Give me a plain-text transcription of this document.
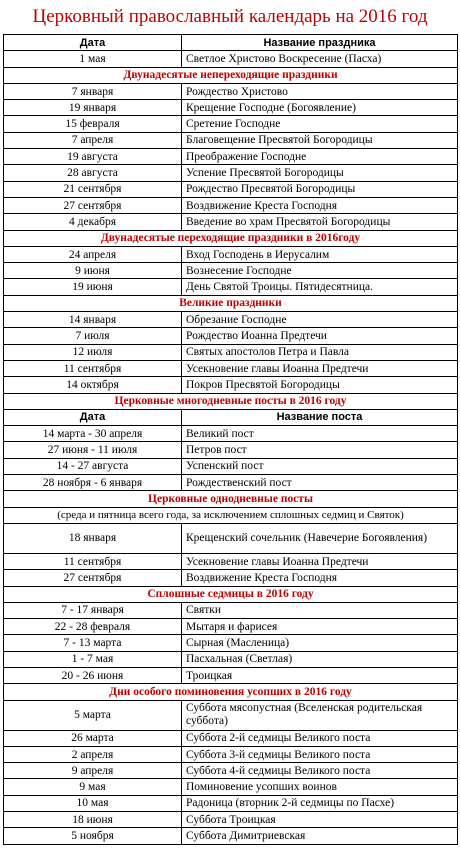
Церковный православный календарь на 2016 год
Дата	Название праздника
1 мая	Светлое Христово Воскресение (Пасха)
Двунадесятые непереходящие праздники	
7 января	Рождество Христово
19 января	Крещение Господне (Богоявление)
15 февраля	Сретение Господне
7 апреля	Благовещение Пресвятой Богородицы
19 августа	Преображение Господне
28 августа	Успение Пресвятой Богородицы
21 сентября	Рождество Пресвятой Богородицы
27 сентября	Воздвижение Креста Господня
4 декабря	Введение во храм Пресвятой Богородицы
Двунадесятые переходящие праздники в 2016году	
24 апреля	Вход Господень в Иерусалим
9 июня	Вознесение Господне
19 июня	День Святой Троицы. Пятидесятница.
Великие праздники	
14 января	Обрезание Господне
7 июля	Рождество Иоанна Предтечи
12 июля	Святых апостолов Петра и Павла
11 сентября	Усекновение главы Иоанна Предтечи
14 октября	Покров Пресвятой Богородицы
Церковные многодневные посты в 2016 году	
Дата	Название поста
14 марта - 30 апреля	Великий пост
27 июня - 11 июля	Петров пост
14 - 27 августа	Успенский пост
28 ноября - 6 января	Рождественский пост
Церковные однодневные посты	
(среда и пятница всего года, за исключением сплошных седмиц и Святок)	
18 января	Крещенский сочельник (Навечерие Богоявления)
11 сентября	Усекновение главы Иоанна Предтечи
27 сентября	Воздвижение Креста Господня
Сплошные седмицы в 2016 году	
7 - 17 января	Святки
22 - 28 февраля	Мытаря и фарисея
7 - 13 марта	Сырная (Масленица)
1 - 7 мая	Пасхальная (Светлая)
20 - 26 июня	Троицкая
Дни особого поминовения усопших в 2016 году	
5 марта	Суббота мясопустная (Вселенская родительская суббота)
26 марта	Суббота 2-й седмицы Великого поста
2 апреля	Суббота 3-й седмицы Великого поста
9 апреля	Суббота 4-й седмицы Великого поста
9 мая	Поминовение усопших воинов
10 мая	Радоница (вторник 2-й седмицы по Пасхе)
18 июня	Суббота Троицкая
5 ноября	Суббота Димитриевская
